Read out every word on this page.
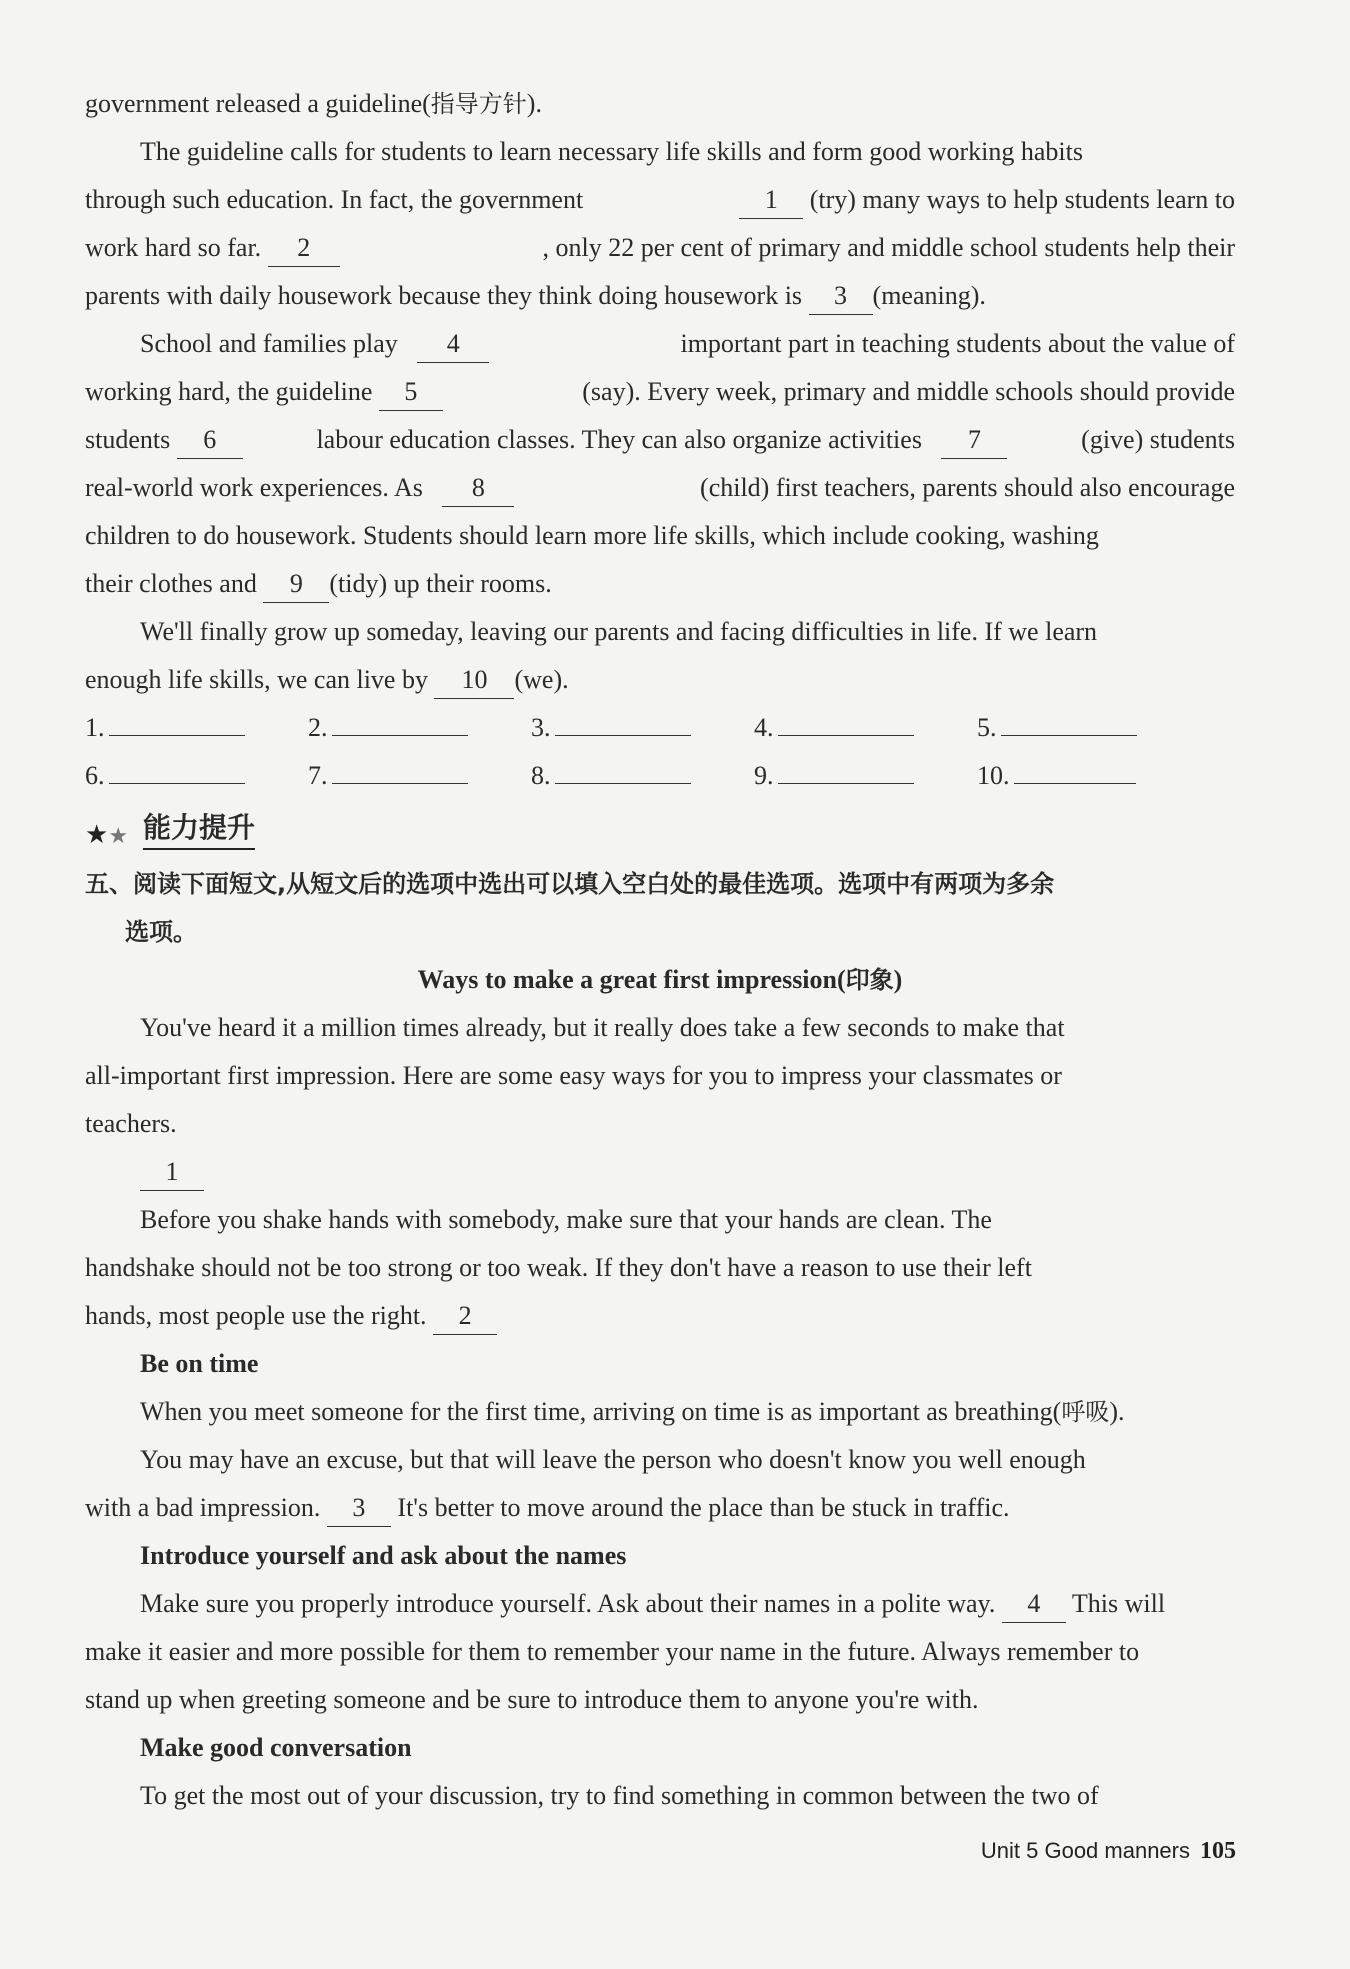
government released a guideline(指导方针).
The guideline calls for students to learn necessary life skills and form good working habits
through such education. In fact, the government	1 (try) many ways to help students learn to
work hard so far. 2	, only 22 per cent of primary and middle school students help their
parents with daily housework because they think doing housework is 3 (meaning).
School and families play 4	important part in teaching students about the value of
working hard, the guideline 5	(say). Every week, primary and middle schools should provide
students 6	labour education classes. They can also organize activities 7	(give) students
real-world work experiences. As 8	(child) first teachers, parents should also encourage
children to do housework. Students should learn more life skills, which include cooking, washing
their clothes and 9 (tidy) up their rooms.
We'll finally grow up someday, leaving our parents and facing difficulties in life. If we learn
enough life skills, we can live by 10 (we).
1.	2.	3.	4.	5.
6.	7.	8.	9.	10.
★★ 能力提升
五、阅读下面短文,从短文后的选项中选出可以填入空白处的最佳选项。选项中有两项为多余
选项。
Ways to make a great first impression(印象)
You've heard it a million times already, but it really does take a few seconds to make that
all-important first impression. Here are some easy ways for you to impress your classmates or
teachers.
1
Before you shake hands with somebody, make sure that your hands are clean. The
handshake should not be too strong or too weak. If they don't have a reason to use their left
hands, most people use the right. 2
Be on time
When you meet someone for the first time, arriving on time is as important as breathing(呼吸).
You may have an excuse, but that will leave the person who doesn't know you well enough
with a bad impression. 3 It's better to move around the place than be stuck in traffic.
Introduce yourself and ask about the names
Make sure you properly introduce yourself. Ask about their names in a polite way. 4 This will
make it easier and more possible for them to remember your name in the future. Always remember to
stand up when greeting someone and be sure to introduce them to anyone you're with.
Make good conversation
To get the most out of your discussion, try to find something in common between the two of
Unit 5 Good manners 105
